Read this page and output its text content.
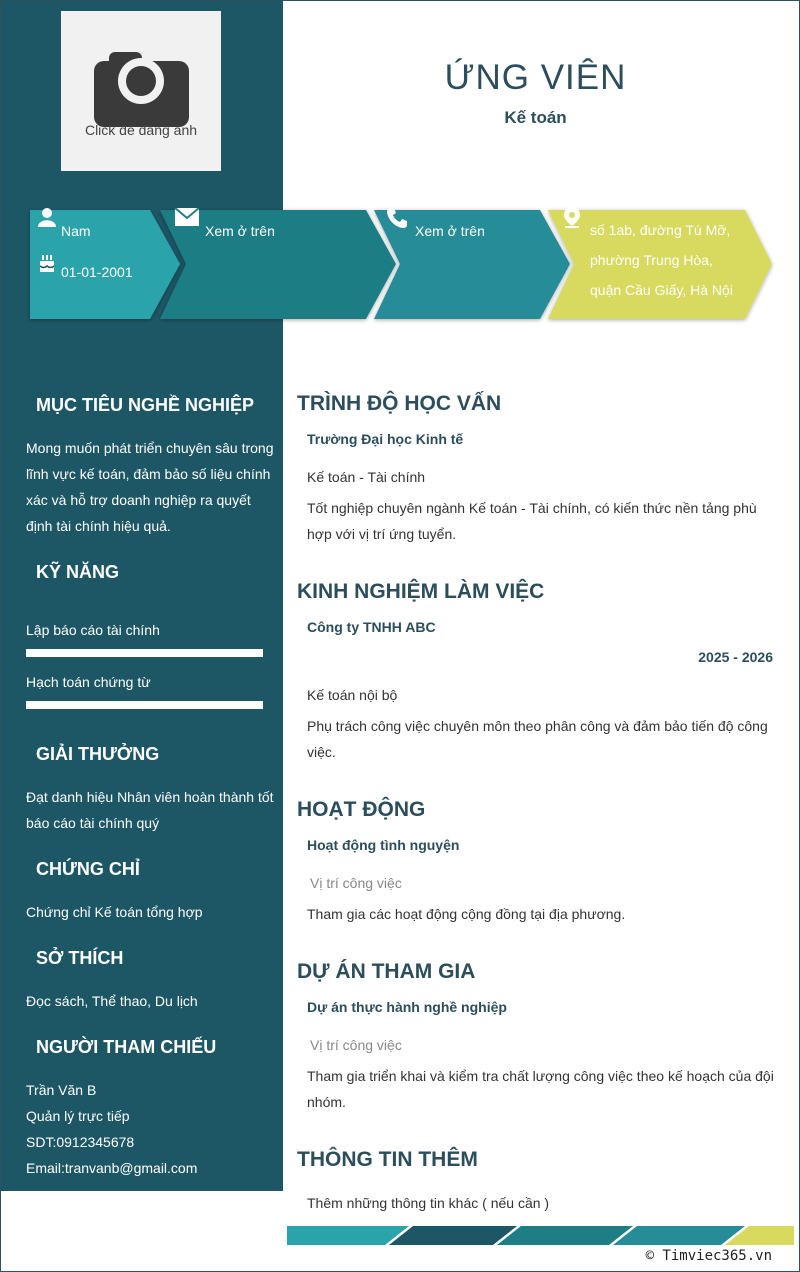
Click để đăng ảnh
ỨNG VIÊN
Kế toán
Nam
01-01-2001
Xem ở trên	Xem ở trên	số 1ab, đường Tú Mỡ, phường Trung Hòa, quận Cầu Giấy, Hà Nội
MỤC TIÊU NGHỀ NGHIỆP
Mong muốn phát triển chuyên sâu trong lĩnh vực kế toán, đảm bảo số liệu chính xác và hỗ trợ doanh nghiệp ra quyết định tài chính hiệu quả.
KỸ NĂNG
Lập báo cáo tài chính
Hạch toán chứng từ
GIẢI THƯỞNG
Đạt danh hiệu Nhân viên hoàn thành tốt báo cáo tài chính quý
CHỨNG CHỈ
Chứng chỉ Kế toán tổng hợp
SỞ THÍCH
Đọc sách, Thể thao, Du lịch
NGƯỜI THAM CHIẾU
Trần Văn B
Quản lý trực tiếp
SDT:0912345678
Email:tranvanb@gmail.com
TRÌNH ĐỘ HỌC VẤN
Trường Đại học Kinh tế
Kế toán - Tài chính
Tốt nghiệp chuyên ngành Kế toán - Tài chính, có kiến thức nền tảng phù hợp với vị trí ứng tuyển.
KINH NGHIỆM LÀM VIỆC
Công ty TNHH ABC
2025 - 2026
Kế toán nội bộ
Phụ trách công việc chuyên môn theo phân công và đảm bảo tiến độ công việc.
HOẠT ĐỘNG
Hoạt động tình nguyện
Vị trí công việc
Tham gia các hoạt động cộng đồng tại địa phương.
DỰ ÁN THAM GIA
Dự án thực hành nghề nghiệp
Vị trí công việc
Tham gia triển khai và kiểm tra chất lượng công việc theo kế hoạch của đội nhóm.
THÔNG TIN THÊM
Thêm những thông tin khác ( nếu cần )
© Timviec365.vn
